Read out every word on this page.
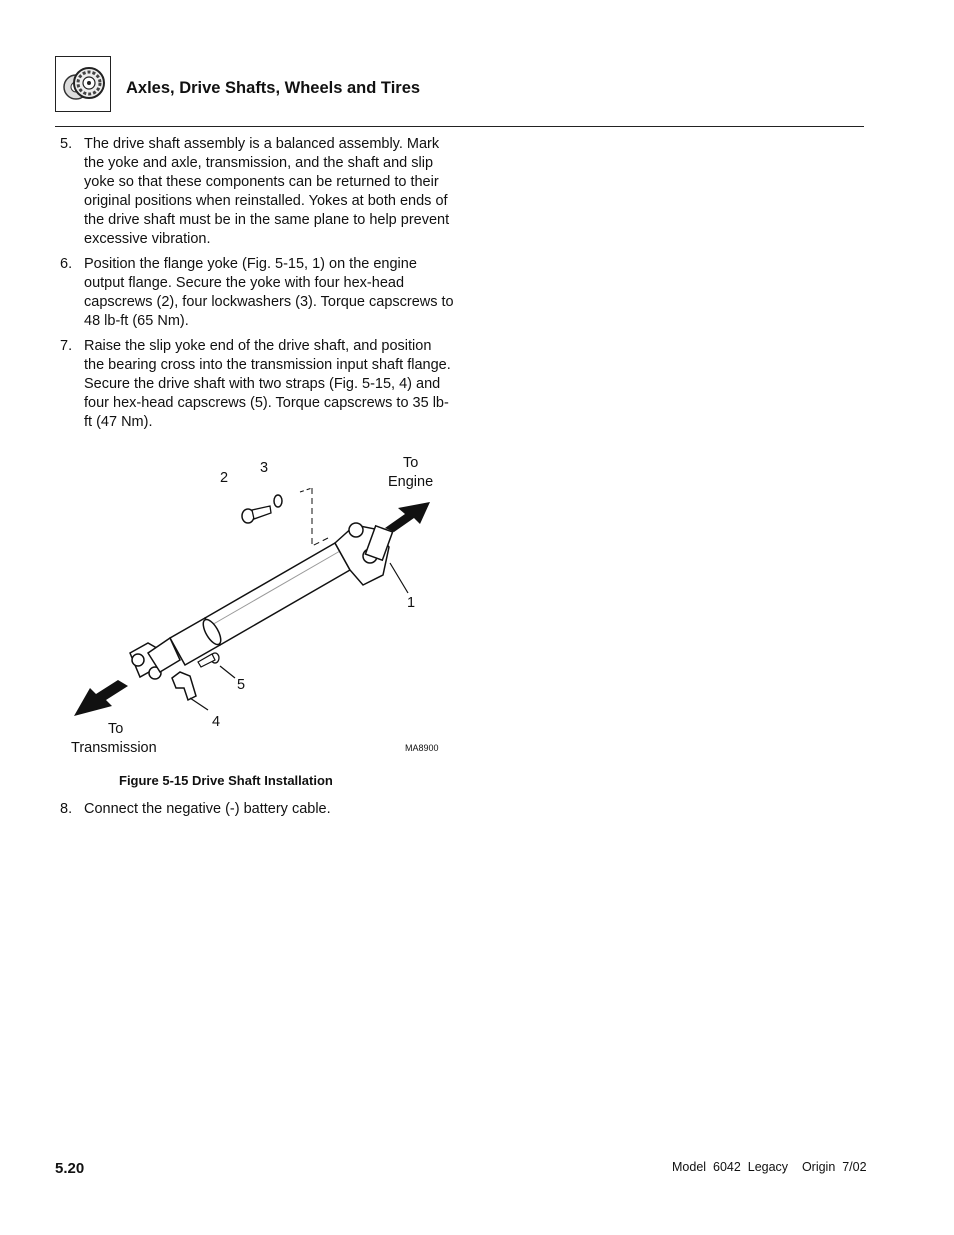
Axles, Drive Shafts, Wheels and Tires
5. The drive shaft assembly is a balanced assembly. Mark the yoke and axle, transmission, and the shaft and slip yoke so that these components can be returned to their original positions when reinstalled. Yokes at both ends of the drive shaft must be in the same plane to help prevent excessive vibration.
6. Position the flange yoke (Fig. 5-15, 1) on the engine output flange. Secure the yoke with four hex-head capscrews (2), four lockwashers (3). Torque capscrews to 48 lb-ft (65 Nm).
7. Raise the slip yoke end of the drive shaft, and position the bearing cross into the transmission input shaft flange. Secure the drive shaft with two straps (Fig. 5-15, 4) and four hex-head capscrews (5). Torque capscrews to 35 lb-ft (47 Nm).
2
3
1
5
4
To
Engine
To
Transmission	MA8900
Figure 5-15 Drive Shaft Installation
8. Connect the negative (-) battery cable.
5.20	Model  6042  Legacy    Origin  7/02
